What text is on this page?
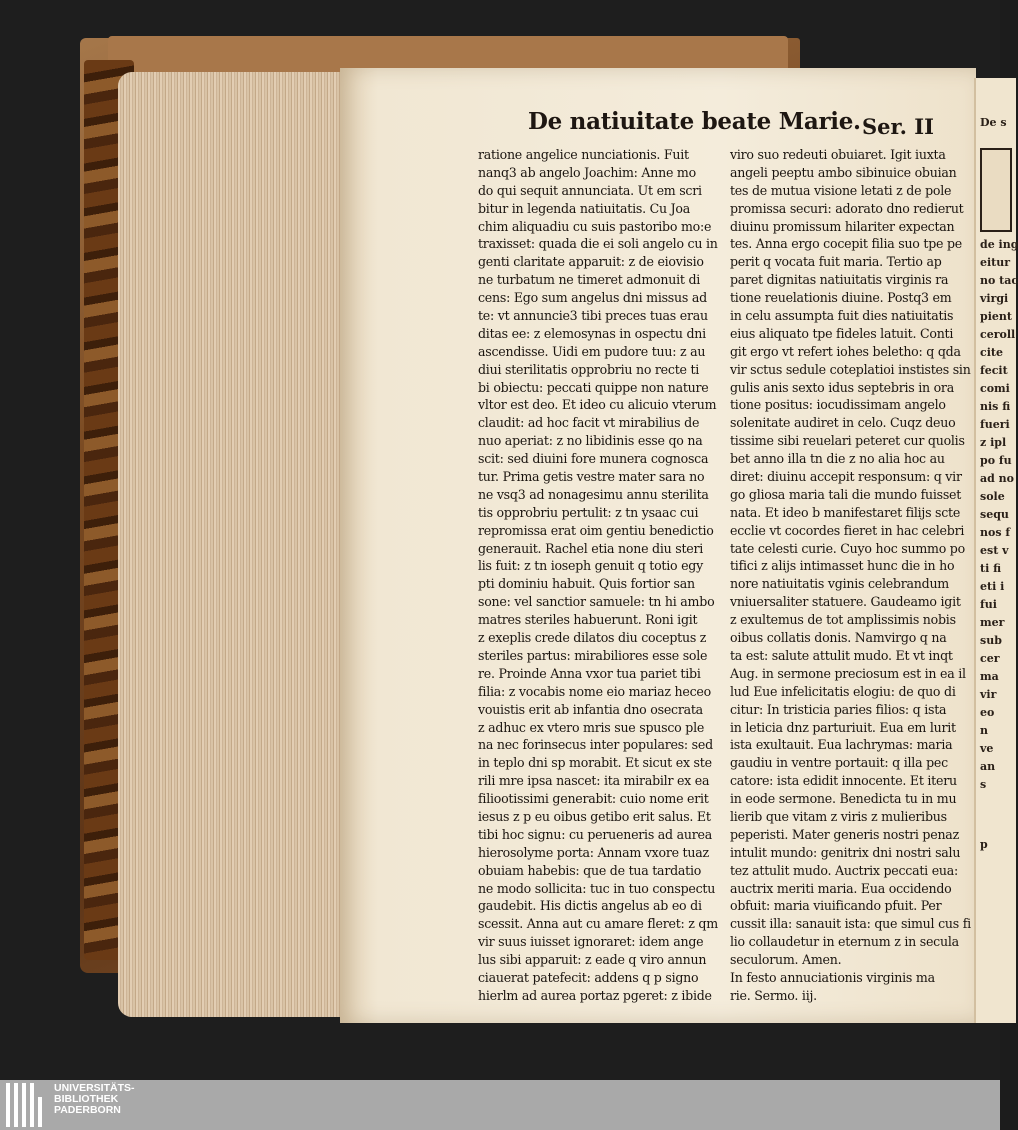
De s
de ing
eitur
no tac
virgi
pient
ceroll
cite
fecit
comi
nis fi
fueri
z ipl
po fu
ad no
sole
sequ
nos f
est v
ti fi
eti i
fui
mer
sub
cer
ma
vir
eo
n
ve
an
s
p
De natiuitate beate Marie. Ser. II
ratione angelice nunciationis. Fuit
nanq3 ab angelo Joachim: Anne mo
do qui sequit annunciata. Ut em scri
bitur in legenda natiuitatis. Cu Joa
chim aliquadiu cu suis pastoribo mo:e
traxisset: quada die ei soli angelo cu in
genti claritate apparuit: z de eiovisio
ne turbatum ne timeret admonuit di
cens: Ego sum angelus dni missus ad
te: vt annuncie3 tibi preces tuas erau
ditas ee: z elemosynas in ospectu dni
ascendisse. Uidi em pudore tuu: z au
diui sterilitatis opprobriu no recte ti
bi obiectu: peccati quippe non nature
vltor est deo. Et ideo cu alicuio vterum
claudit: ad hoc facit vt mirabilius de
nuo aperiat: z no libidinis esse qo na
scit: sed diuini fore munera cognosca
tur. Prima getis vestre mater sara no
ne vsq3 ad nonagesimu annu sterilita
tis opprobriu pertulit: z tn ysaac cui
repromissa erat oim gentiu benedictio
generauit. Rachel etia none diu steri
lis fuit: z tn ioseph genuit q totio egy
pti dominiu habuit. Quis fortior san
sone: vel sanctior samuele: tn hi ambo
matres steriles habuerunt. Roni igit
z exeplis crede dilatos diu coceptus z
steriles partus: mirabiliores esse sole
re. Proinde Anna vxor tua pariet tibi
filia: z vocabis nome eio mariaz heceo
vouistis erit ab infantia dno osecrata
z adhuc ex vtero mris sue spusco ple
na nec forinsecus inter populares: sed
in teplo dni sp morabit. Et sicut ex ste
rili mre ipsa nascet: ita mirabilr ex ea
filiootissimi generabit: cuio nome erit
iesus z p eu oibus getibo erit salus. Et
tibi hoc signu: cu perueneris ad aurea
hierosolyme porta: Annam vxore tuaz
obuiam habebis: que de tua tardatio
ne modo sollicita: tuc in tuo conspectu
gaudebit. His dictis angelus ab eo di
scessit. Anna aut cu amare fleret: z qm
vir suus iuisset ignoraret: idem ange
lus sibi apparuit: z eade q viro annun
ciauerat patefecit: addens q p signo
hierlm ad aurea portaz pgeret: z ibide
viro suo redeuti obuiaret. Igit iuxta
angeli peeptu ambo sibinuice obuian
tes de mutua visione letati z de pole
promissa securi: adorato dno redierut
diuinu promissum hilariter expectan
tes. Anna ergo cocepit filia suo tpe pe
perit q vocata fuit maria. Tertio ap
paret dignitas natiuitatis virginis ra
tione reuelationis diuine. Postq3 em
in celu assumpta fuit dies natiuitatis
eius aliquato tpe fideles latuit. Conti
git ergo vt refert iohes beletho: q qda
vir sctus sedule coteplatioi instistes sin
gulis anis sexto idus septebris in ora
tione positus: iocudissimam angelo
solenitate audiret in celo. Cuqz deuo
tissime sibi reuelari peteret cur quolis
bet anno illa tn die z no alia hoc au
diret: diuinu accepit responsum: q vir
go gliosa maria tali die mundo fuisset
nata. Et ideo b manifestaret filijs scte
ecclie vt cocordes fieret in hac celebri
tate celesti curie. Cuyo hoc summo po
tifici z alijs intimasset hunc die in ho
nore natiuitatis vginis celebrandum
vniuersaliter statuere. Gaudeamo igit
z exultemus de tot amplissimis nobis
oibus collatis donis. Namvirgo q na
ta est: salute attulit mudo. Et vt inqt
Aug. in sermone preciosum est in ea il
lud Eue infelicitatis elogiu: de quo di
citur: In tristicia paries filios: q ista
in leticia dnz parturiuit. Eua em lurit
ista exultauit. Eua lachrymas: maria
gaudiu in ventre portauit: q illa pec
catore: ista edidit innocente. Et iteru
in eode sermone. Benedicta tu in mu
lierib que vitam z viris z mulieribus
peperisti. Mater generis nostri penaz
intulit mundo: genitrix dni nostri salu
tez attulit mudo. Auctrix peccati eua:
auctrix meriti maria. Eua occidendo
obfuit: maria viuificando pfuit. Per
cussit illa: sanauit ista: que simul cus fi
lio collaudetur in eternum z in secula
seculorum. Amen.
In festo annuciationis virginis ma
rie. Sermo. iij.
UNIVERSITÄTS-
BIBLIOTHEK
PADERBORN
